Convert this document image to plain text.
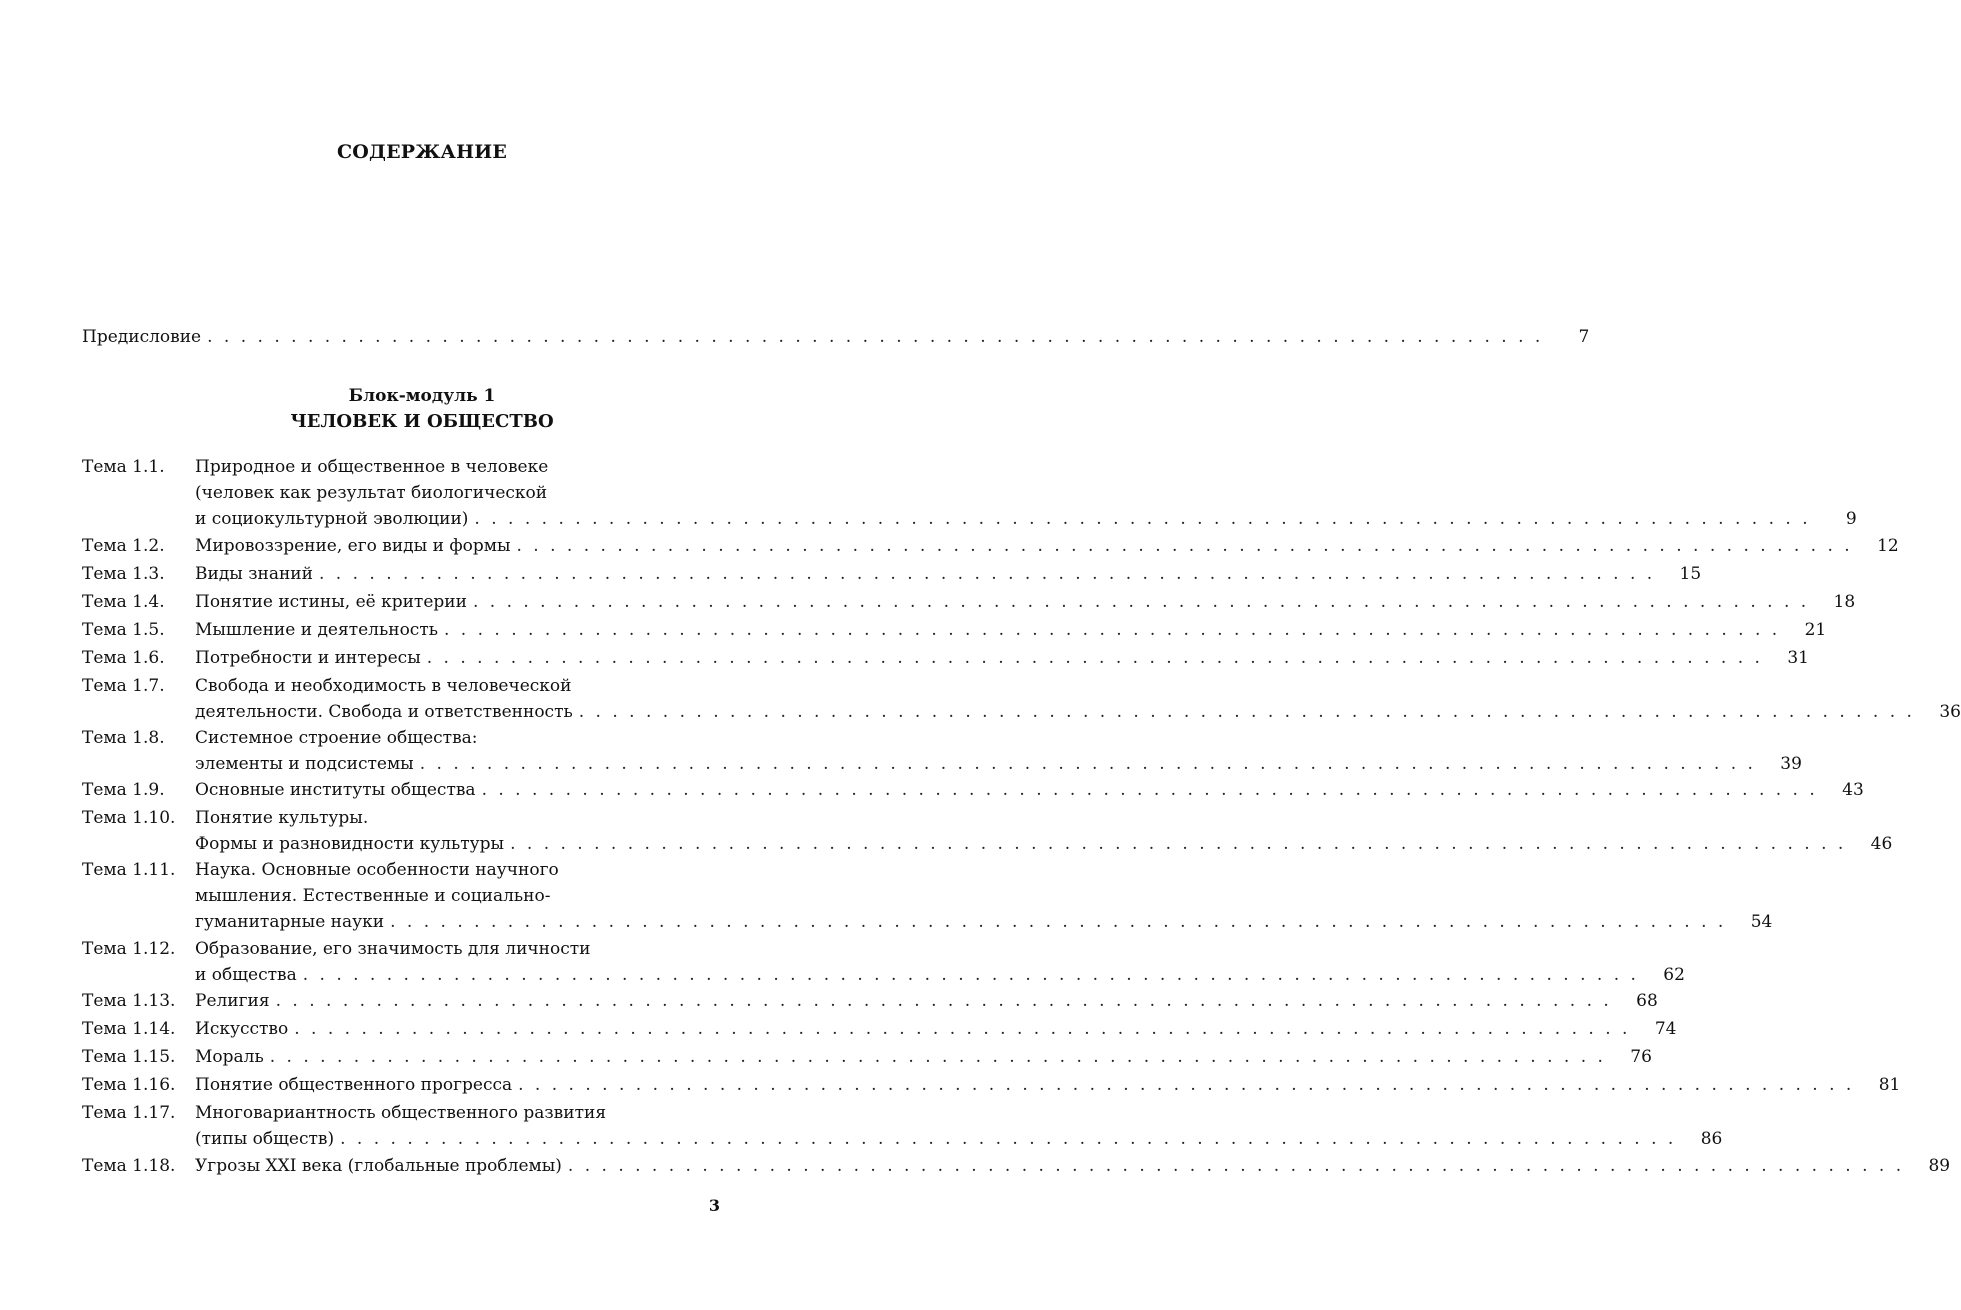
СОДЕРЖАНИЕ
Предисловие . . . . . . . . . . . . . . . . . . . . . . . . . . . . . . . . . . . . . . . . . . . . . . . . . . . . . . . . . . . . . . . . . . . . . . . . . . . . . . . .	7
Тема 1.1. Природное и общественное в человеке
(человек как результат биологической
и социокультурной эволюции) . . . . . . . . . . . . . . . . . . . . . . . . . . . . . . . . . . . . . . . . . . . . . . . . . . . . . . . . . . . . . . . . . . . . . . . . . . . . . . . .	9
Тема 1.2. Мировоззрение, его виды и формы . . . . . . . . . . . . . . . . . . . . . . . . . . . . . . . . . . . . . . . . . . . . . . . . . . . . . . . . . . . . . . . . . . . . . . . . . . . . . . . .	12
Тема 1.3. Виды знаний . . . . . . . . . . . . . . . . . . . . . . . . . . . . . . . . . . . . . . . . . . . . . . . . . . . . . . . . . . . . . . . . . . . . . . . . . . . . . . . .	15
Тема 1.4. Понятие истины, её критерии . . . . . . . . . . . . . . . . . . . . . . . . . . . . . . . . . . . . . . . . . . . . . . . . . . . . . . . . . . . . . . . . . . . . . . . . . . . . . . . .	18
Тема 1.5. Мышление и деятельность . . . . . . . . . . . . . . . . . . . . . . . . . . . . . . . . . . . . . . . . . . . . . . . . . . . . . . . . . . . . . . . . . . . . . . . . . . . . . . . .	21
Тема 1.6. Потребности и интересы . . . . . . . . . . . . . . . . . . . . . . . . . . . . . . . . . . . . . . . . . . . . . . . . . . . . . . . . . . . . . . . . . . . . . . . . . . . . . . . .	31
Тема 1.7. Свобода и необходимость в человеческой
деятельности. Свобода и ответственность . . . . . . . . . . . . . . . . . . . . . . . . . . . . . . . . . . . . . . . . . . . . . . . . . . . . . . . . . . . . . . . . . . . . . . . . . . . . . . . .	36
Тема 1.8. Системное строение общества:
элементы и подсистемы . . . . . . . . . . . . . . . . . . . . . . . . . . . . . . . . . . . . . . . . . . . . . . . . . . . . . . . . . . . . . . . . . . . . . . . . . . . . . . . .	39
Тема 1.9. Основные институты общества . . . . . . . . . . . . . . . . . . . . . . . . . . . . . . . . . . . . . . . . . . . . . . . . . . . . . . . . . . . . . . . . . . . . . . . . . . . . . . . .	43
Тема 1.10. Понятие культуры.
Формы и разновидности культуры . . . . . . . . . . . . . . . . . . . . . . . . . . . . . . . . . . . . . . . . . . . . . . . . . . . . . . . . . . . . . . . . . . . . . . . . . . . . . . . .	46
Тема 1.11. Наука. Основные особенности научного
мышления. Естественные и социально-
гуманитарные науки . . . . . . . . . . . . . . . . . . . . . . . . . . . . . . . . . . . . . . . . . . . . . . . . . . . . . . . . . . . . . . . . . . . . . . . . . . . . . . . .	54
Тема 1.12. Образование, его значимость для личности
и общества . . . . . . . . . . . . . . . . . . . . . . . . . . . . . . . . . . . . . . . . . . . . . . . . . . . . . . . . . . . . . . . . . . . . . . . . . . . . . . . .	62
Тема 1.13. Религия . . . . . . . . . . . . . . . . . . . . . . . . . . . . . . . . . . . . . . . . . . . . . . . . . . . . . . . . . . . . . . . . . . . . . . . . . . . . . . . .	68
Тема 1.14. Искусство . . . . . . . . . . . . . . . . . . . . . . . . . . . . . . . . . . . . . . . . . . . . . . . . . . . . . . . . . . . . . . . . . . . . . . . . . . . . . . . .	74
Тема 1.15. Мораль . . . . . . . . . . . . . . . . . . . . . . . . . . . . . . . . . . . . . . . . . . . . . . . . . . . . . . . . . . . . . . . . . . . . . . . . . . . . . . . .	76
Тема 1.16. Понятие общественного прогресса . . . . . . . . . . . . . . . . . . . . . . . . . . . . . . . . . . . . . . . . . . . . . . . . . . . . . . . . . . . . . . . . . . . . . . . . . . . . . . . .	81
Тема 1.17. Многовариантность общественного развития
(типы обществ) . . . . . . . . . . . . . . . . . . . . . . . . . . . . . . . . . . . . . . . . . . . . . . . . . . . . . . . . . . . . . . . . . . . . . . . . . . . . . . . .	86
Тема 1.18. Угрозы XXI века (глобальные проблемы) . . . . . . . . . . . . . . . . . . . . . . . . . . . . . . . . . . . . . . . . . . . . . . . . . . . . . . . . . . . . . . . . . . . . . . . . . . . . . . . .	89
Блок-модуль 1
ЧЕЛОВЕК И ОБЩЕСТВО
3
